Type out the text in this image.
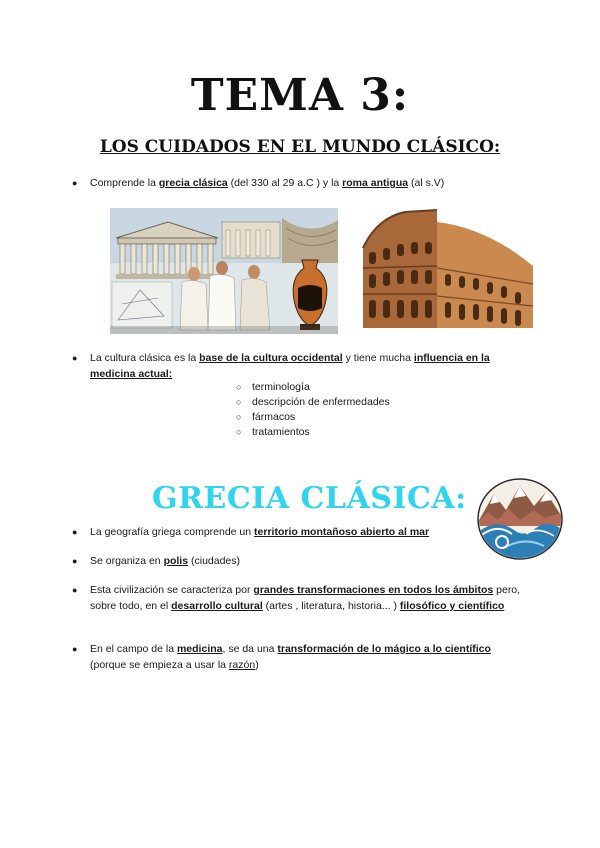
TEMA 3:
LOS CUIDADOS EN EL MUNDO CLÁSICO:
● Comprende la grecia clásica (del 330 al 29 a.C ) y la roma antigua (al s.V)
● La cultura clásica es la base de la cultura occidental y tiene mucha influencia en la medicina actual:
○ terminología
○ descripción de enfermedades
○ fármacos
○ tratamientos
GRECIA CLÁSICA:
● La geografía griega comprende un territorio montañoso abierto al mar
● Se organiza en polis (ciudades)
● Esta civilización se caracteriza por grandes transformaciones en todos los ámbitos pero, sobre todo, en el desarrollo cultural (artes , literatura, historia... ) filosófico y científico
● En el campo de la medicina, se da una transformación de lo mágico a lo científico (porque se empieza a usar la razón)
